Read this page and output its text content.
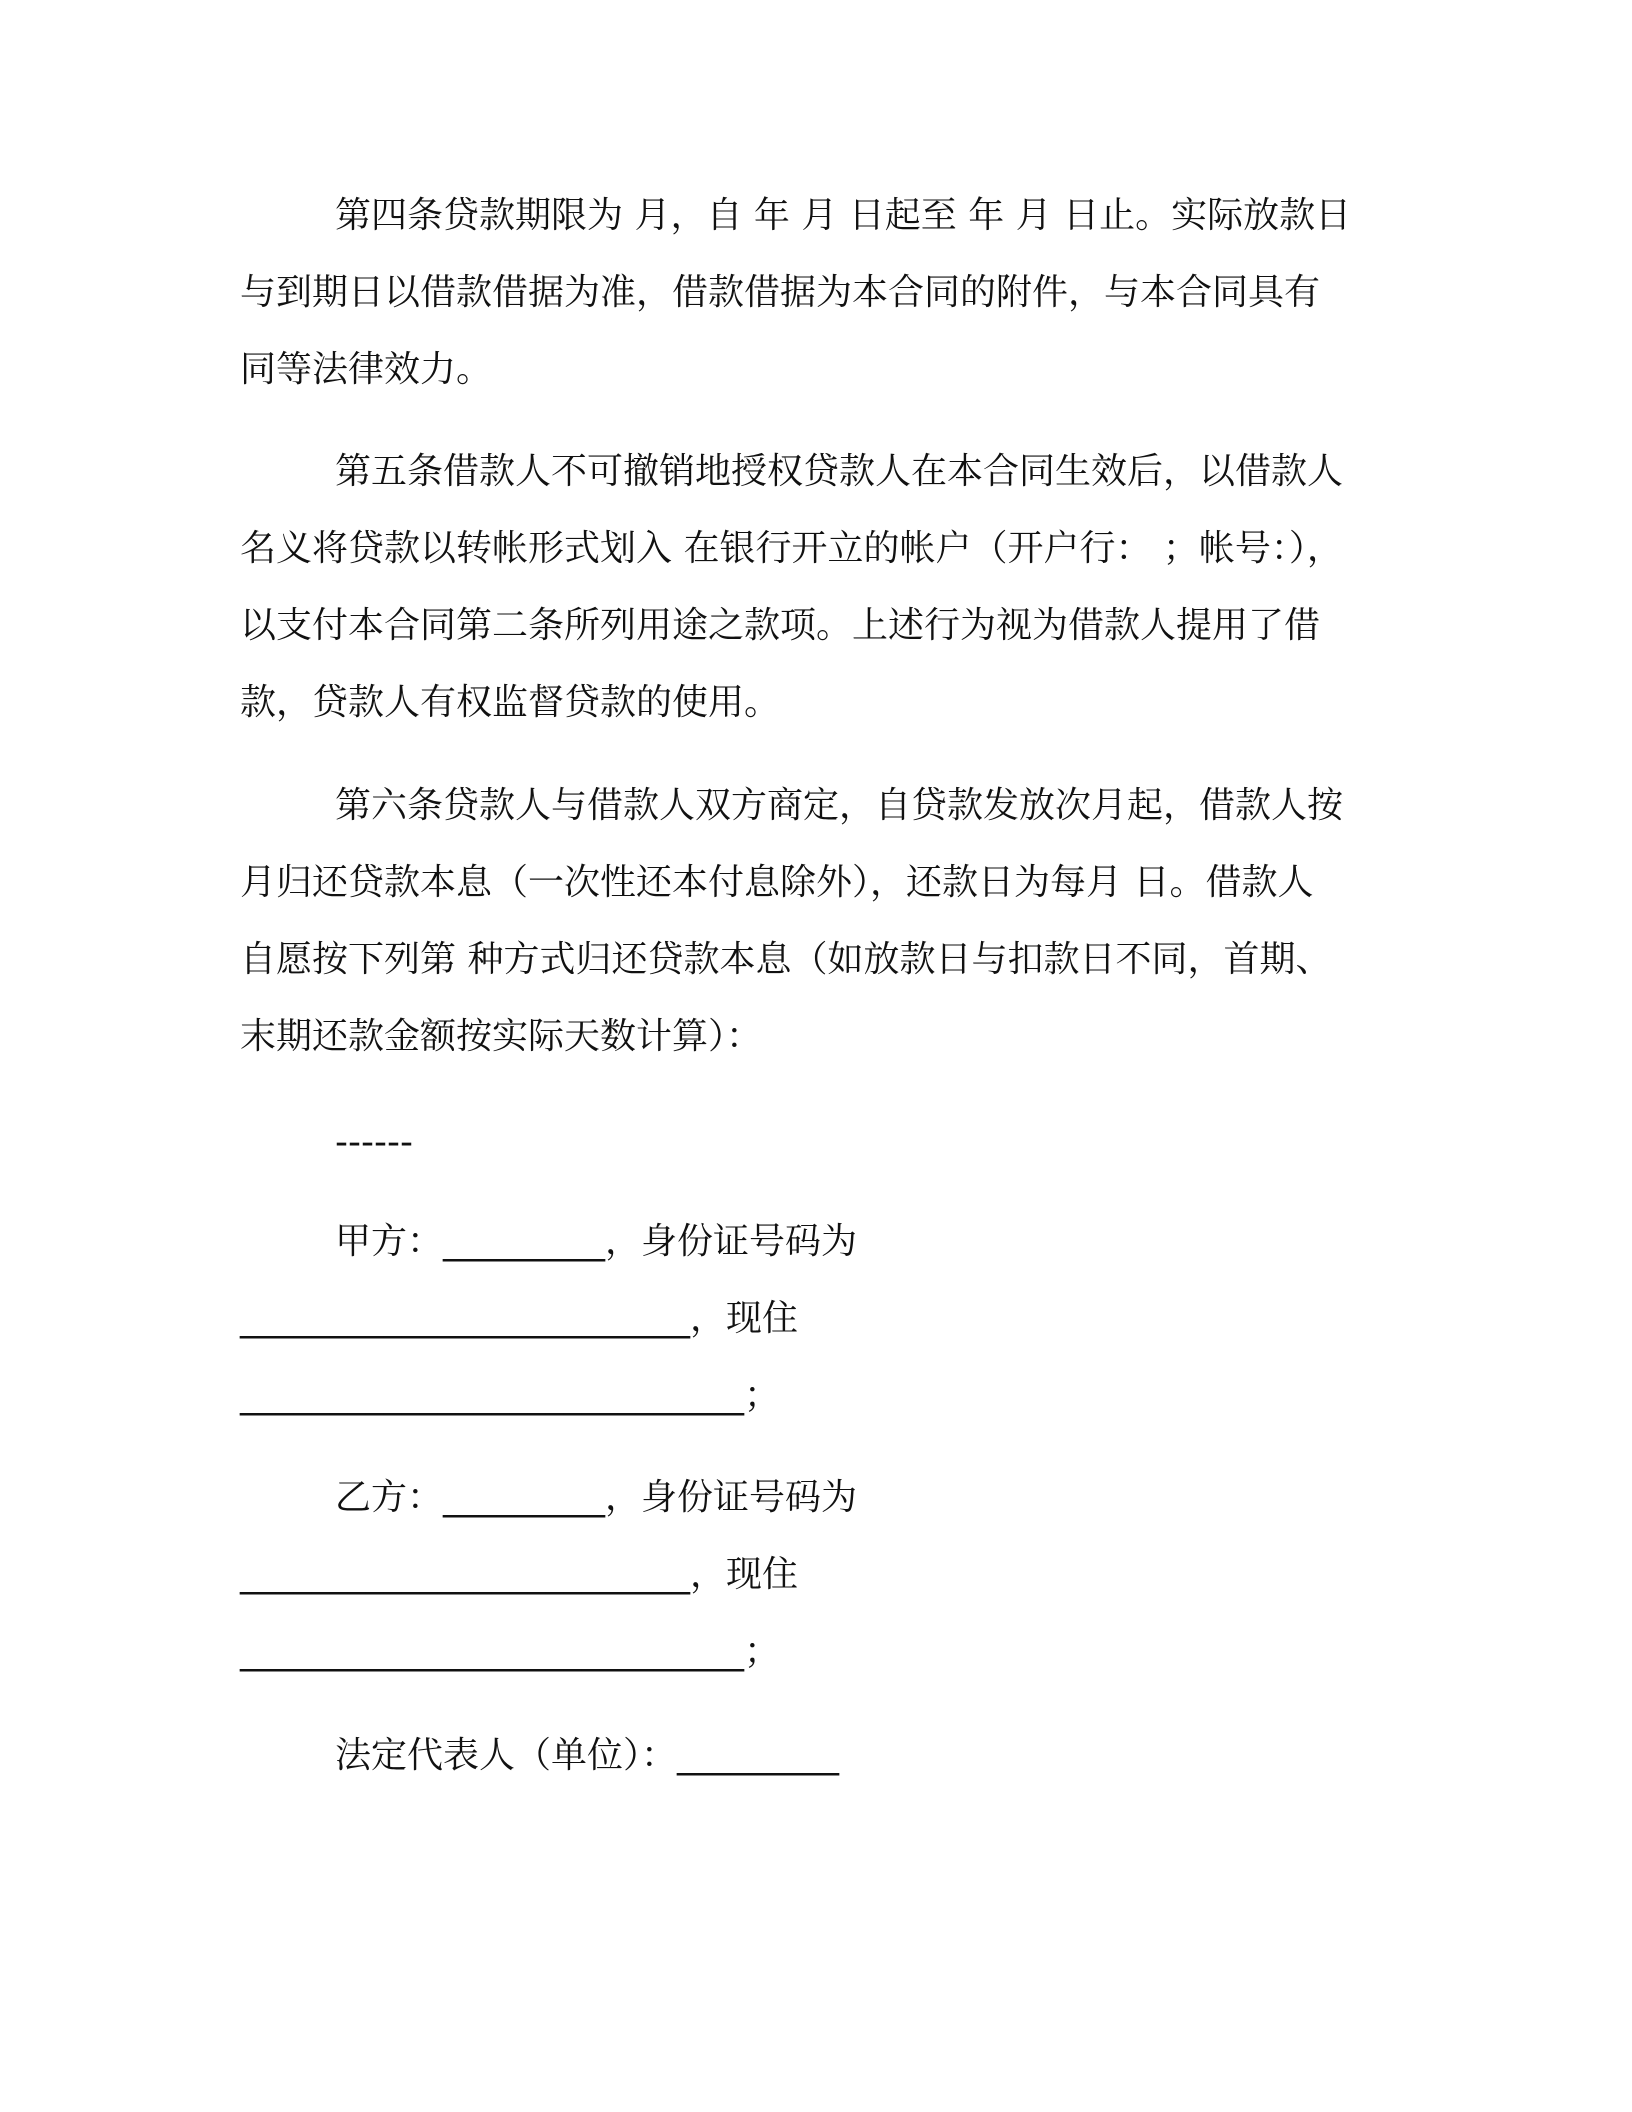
第四条贷款期限为 月，自 年 月 日起至 年 月 日止。实际放款日
与到期日以借款借据为准，借款借据为本合同的附件，与本合同具有
同等法律效力。
第五条借款人不可撤销地授权贷款人在本合同生效后，以借款人
名义将贷款以转帐形式划入 在银行开立的帐户（开户行： ；帐号：），
以支付本合同第二条所列用途之款项。上述行为视为借款人提用了借
款，贷款人有权监督贷款的使用。
第六条贷款人与借款人双方商定，自贷款发放次月起，借款人按
月归还贷款本息（一次性还本付息除外），还款日为每月 日。借款人
自愿按下列第 种方式归还贷款本息（如放款日与扣款日不同，首期、
末期还款金额按实际天数计算）：
------
甲方：_________，身份证号码为
_________________________，现住
____________________________；
乙方：_________，身份证号码为
_________________________，现住
____________________________；
法定代表人（单位）：_________
